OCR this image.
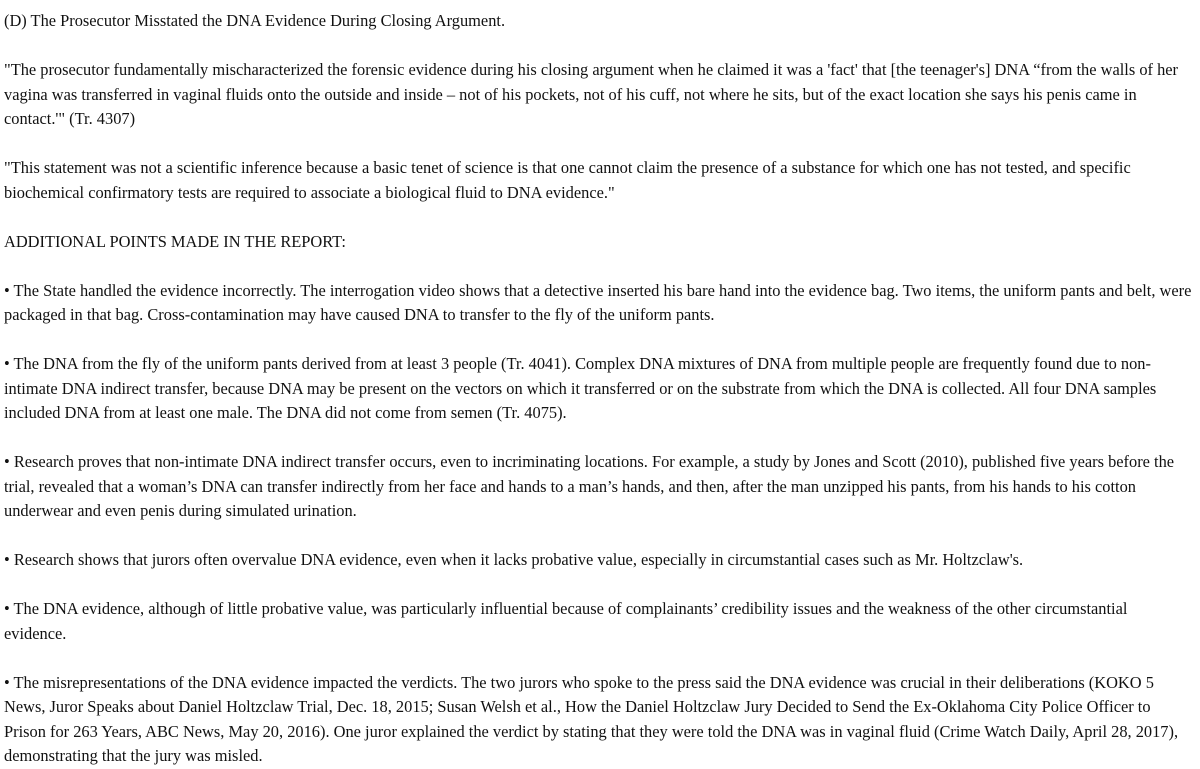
(D) The Prosecutor Misstated the DNA Evidence During Closing Argument.

"The prosecutor fundamentally mischaracterized the forensic evidence during his closing argument when he claimed it was a 'fact' that [the teenager's] DNA “from the walls of her vagina was transferred in vaginal fluids onto the outside and inside – not of his pockets, not of his cuff, not where he sits, but of the exact location she says his penis came in contact.'" (Tr. 4307)

"This statement was not a scientific inference because a basic tenet of science is that one cannot claim the presence of a substance for which one has not tested, and specific biochemical confirmatory tests are required to associate a biological fluid to DNA evidence."

ADDITIONAL POINTS MADE IN THE REPORT:

• The State handled the evidence incorrectly. The interrogation video shows that a detective inserted his bare hand into the evidence bag. Two items, the uniform pants and belt, were packaged in that bag. Cross-contamination may have caused DNA to transfer to the fly of the uniform pants.

• The DNA from the fly of the uniform pants derived from at least 3 people (Tr. 4041). Complex DNA mixtures of DNA from multiple people are frequently found due to non-intimate DNA indirect transfer, because DNA may be present on the vectors on which it transferred or on the substrate from which the DNA is collected. All four DNA samples included DNA from at least one male. The DNA did not come from semen (Tr. 4075).

• Research proves that non-intimate DNA indirect transfer occurs, even to incriminating locations. For example, a study by Jones and Scott (2010), published five years before the trial, revealed that a woman’s DNA can transfer indirectly from her face and hands to a man’s hands, and then, after the man unzipped his pants, from his hands to his cotton underwear and even penis during simulated urination.

• Research shows that jurors often overvalue DNA evidence, even when it lacks probative value, especially in circumstantial cases such as Mr. Holtzclaw's.

• The DNA evidence, although of little probative value, was particularly influential because of complainants’ credibility issues and the weakness of the other circumstantial evidence.

• The misrepresentations of the DNA evidence impacted the verdicts. The two jurors who spoke to the press said the DNA evidence was crucial in their deliberations (KOKO 5 News, Juror Speaks about Daniel Holtzclaw Trial, Dec. 18, 2015; Susan Welsh et al., How the Daniel Holtzclaw Jury Decided to Send the Ex-Oklahoma City Police Officer to Prison for 263 Years, ABC News, May 20, 2016). One juror explained the verdict by stating that they were told the DNA was in vaginal fluid (Crime Watch Daily, April 28, 2017), demonstrating that the jury was misled.
